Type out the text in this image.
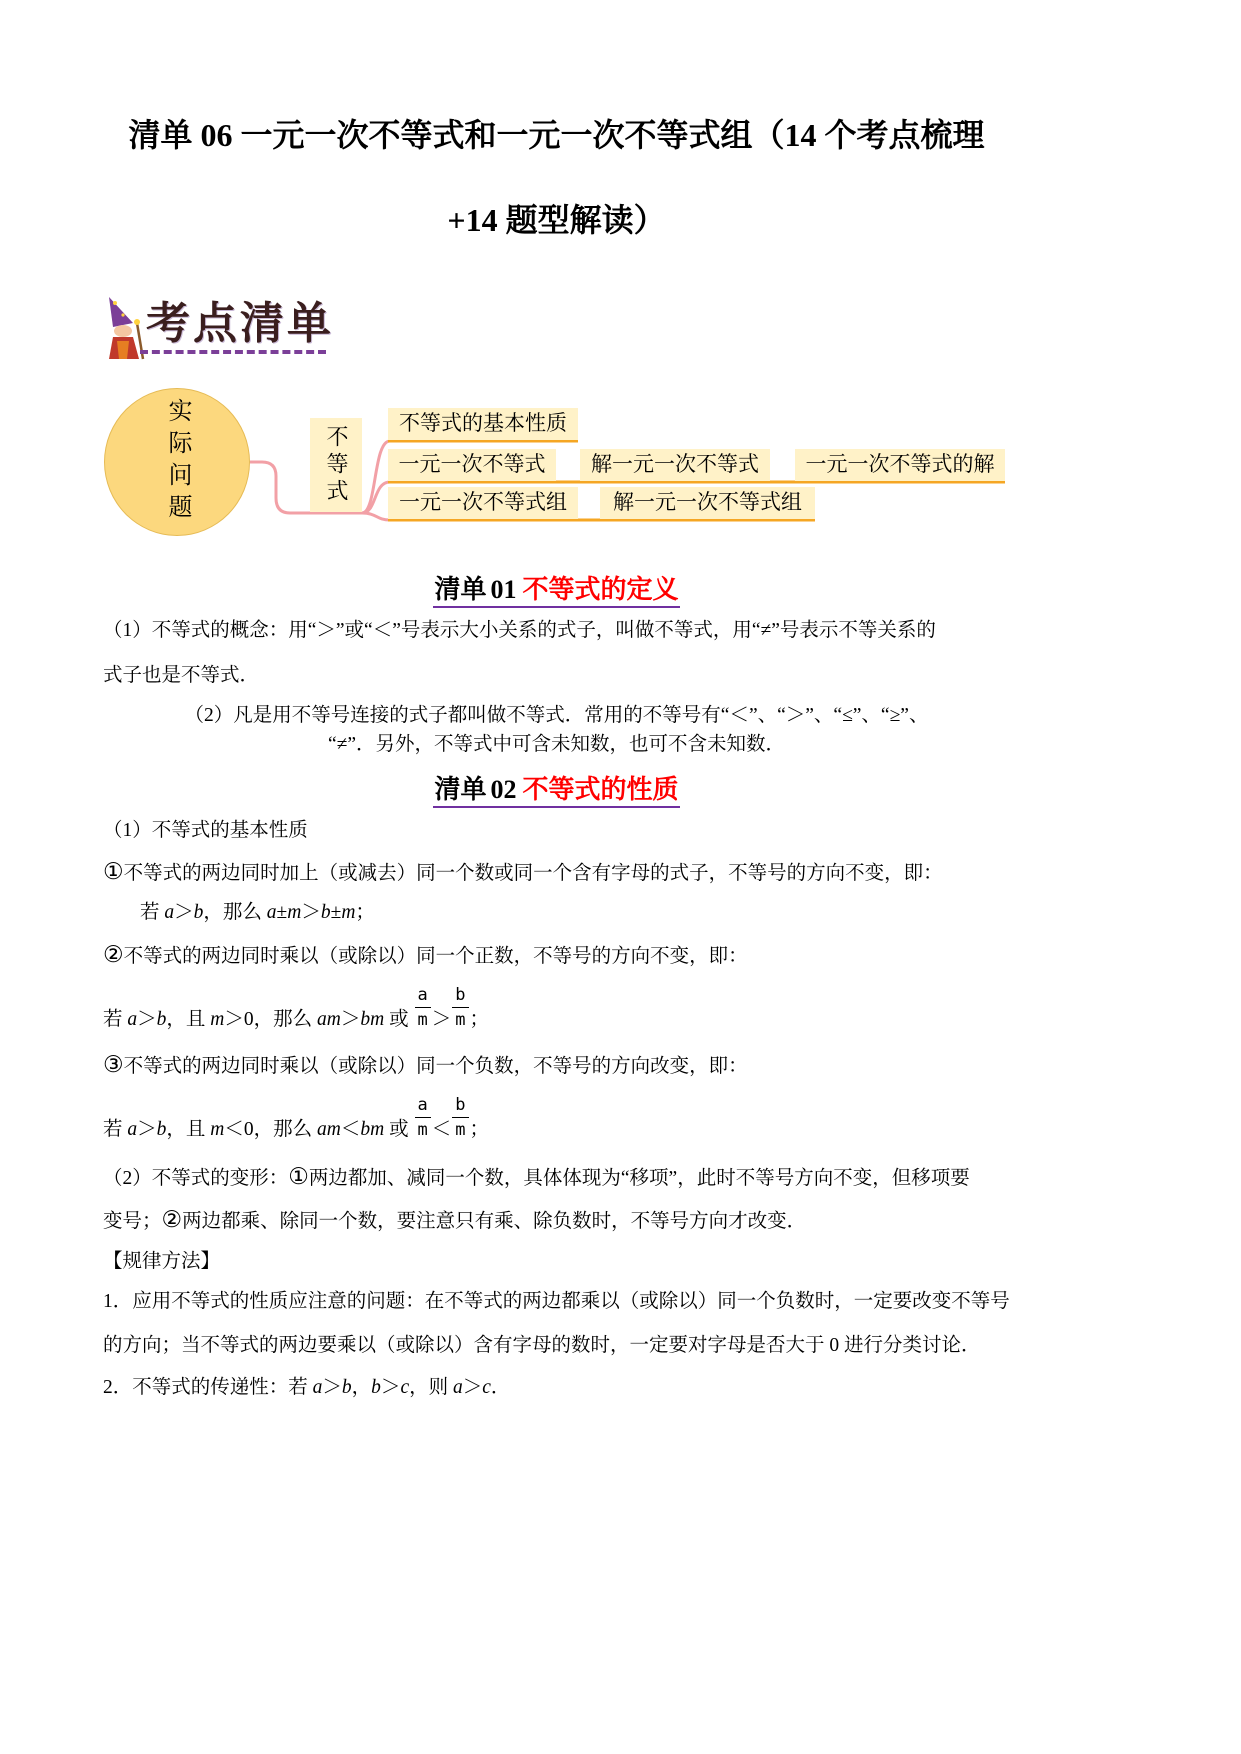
清单 06 一元一次不等式和一元一次不等式组（14 个考点梳理
+14 题型解读）
考点清单
实际问题	不等式
不等式的基本性质
一元一次不等式	解一元一次不等式	一元一次不等式的解
一元一次不等式组	解一元一次不等式组
清单 01 不等式的定义
（1）不等式的概念：用“＞”或“＜”号表示大小关系的式子，叫做不等式，用“≠”号表示不等关系的
式子也是不等式．
（2）凡是用不等号连接的式子都叫做不等式．常用的不等号有“＜”、“＞”、“≤”、“≥”、
“≠”．另外，不等式中可含未知数，也可不含未知数．
清单 02 不等式的性质
（1）不等式的基本性质
①不等式的两边同时加上（或减去）同一个数或同一个含有字母的式子，不等号的方向不变，即：
若 a＞b，那么 a±m＞b±m；
②不等式的两边同时乘以（或除以）同一个正数，不等号的方向不变，即：
若 a＞b，且 m＞0，那么 am＞bm 或 $\frac{a}{m} > \frac{b}{m}$ ；
③不等式的两边同时乘以（或除以）同一个负数，不等号的方向改变，即：
若 a＞b，且 m＜0，那么 am＜bm 或 $\frac{a}{m} < \frac{b}{m}$ ；
（2）不等式的变形：①两边都加、减同一个数，具体体现为“移项”，此时不等号方向不变，但移项要
变号；②两边都乘、除同一个数，要注意只有乘、除负数时，不等号方向才改变．
【规律方法】
1．应用不等式的性质应注意的问题：在不等式的两边都乘以（或除以）同一个负数时，一定要改变不等号
的方向；当不等式的两边要乘以（或除以）含有字母的数时，一定要对字母是否大于 0 进行分类讨论．
2．不等式的传递性：若 a＞b，b＞c，则 a＞c．
